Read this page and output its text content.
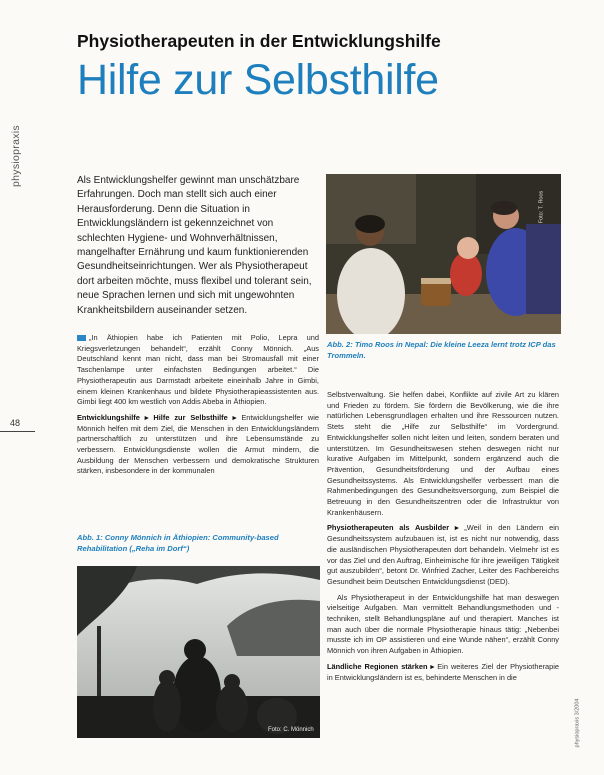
physiopraxis
Physiotherapeuten in der Entwicklungshilfe
Hilfe zur Selbsthilfe
48
Als Entwicklungshelfer gewinnt man unschätzbare Erfahrungen. Doch man stellt sich auch einer Herausforderung. Denn die Situation in Entwicklungsländern ist gekennzeichnet von schlechten Hygiene- und Wohnverhältnissen, mangelhafter Ernährung und kaum funktionierenden Gesundheitseinrichtungen. Wer als Physiotherapeut dort arbeiten möchte, muss flexibel und tolerant sein, neue Sprachen lernen und sich mit ungewohnten Krankheitsbildern auseinander setzen.
Foto: T. Roos
Abb. 2: Timo Roos in Nepal: Die kleine Leeza lernt trotz ICP das Trommeln.

„In Äthiopien habe ich Patienten mit Polio, Lepra und Kriegsverletzungen behandelt“, erzählt Conny Mönnich. „Aus Deutschland kennt man nicht, dass man bei Stromausfall mit einer Taschenlampe unter einfachsten Bedingungen arbeitet.“ Die Physiotherapeutin aus Darmstadt arbeitete eineinhalb Jahre in Gimbi, einem kleinen Krankenhaus und bildete Physiotherapieassistenten aus. Gimbi liegt 400 km westlich von Addis Abeba in Äthiopien.

Entwicklungshilfe ▸ Hilfe zur Selbsthilfe ▸ Entwicklungshelfer wie Mönnich helfen mit dem Ziel, die Menschen in den Entwicklungsländern partnerschaftlich zu unterstützen und ihre Lebensumstände zu verbessern. Entwicklungsdienste wollen die Armut mindern, die Ausbildung der Menschen verbessern und demokratische Strukturen stärken, insbesondere in der kommunalen

Abb. 1: Conny Mönnich in Äthiopien: Community-based Rehabilitation („Reha im Dorf“)
Foto: C. Mönnich

Selbstverwaltung. Sie helfen dabei, Konflikte auf zivile Art zu klären und Frieden zu fördern. Sie fördern die Bevölkerung, wie die ihre natürlichen Lebensgrundlagen erhalten und ihre Ressourcen nutzen. Stets steht die „Hilfe zur Selbsthilfe“ im Vordergrund. Entwicklungshelfer sollen nicht leiten und leiten, sondern beraten und unterstützen. Im Gesundheitswesen stehen deswegen nicht nur kurative Aufgaben im Mittelpunkt, sondern ergänzend auch die Prävention, Gesundheitsförderung und der Aufbau eines Gesundheitssystems. Als Entwicklungshelfer verbessert man die Rahmenbedingungen des Gesundheitsversorgung, zum Beispiel die Betreuung in den Gesundheitszentren oder die Infrastruktur von Krankenhäusern.

Physiotherapeuten als Ausbilder ▸ „Weil in den Ländern ein Gesundheitssystem aufzubauen ist, ist es nicht nur notwendig, dass die ausländischen Physiotherapeuten dort behandeln. Vielmehr ist es vor das Ziel und den Auftrag, Einheimische für ihre jeweiligen Tätigkeit gut auszubilden“, betont Dr. Winfried Zacher, Leiter des Fachbereichs Gesundheit beim Deutschen Entwicklungsdienst (DED).

Als Physiotherapeut in der Entwicklungshilfe hat man deswegen vielseitige Aufgaben. Man vermittelt Behandlungsmethoden und -techniken, stellt Behandlungspläne auf und therapiert. Manches ist man auch über die normale Physiotherapie hinaus tätig: „Nebenbei musste ich im OP assistieren und eine Wunde nähen“, erzählt Conny Mönnich von ihren Aufgaben in Äthiopien.

Ländliche Regionen stärken ▸ Ein weiteres Ziel der Physiotherapie in Entwicklungsländern ist es, behinderte Menschen in die

physiopraxis 3/2004
